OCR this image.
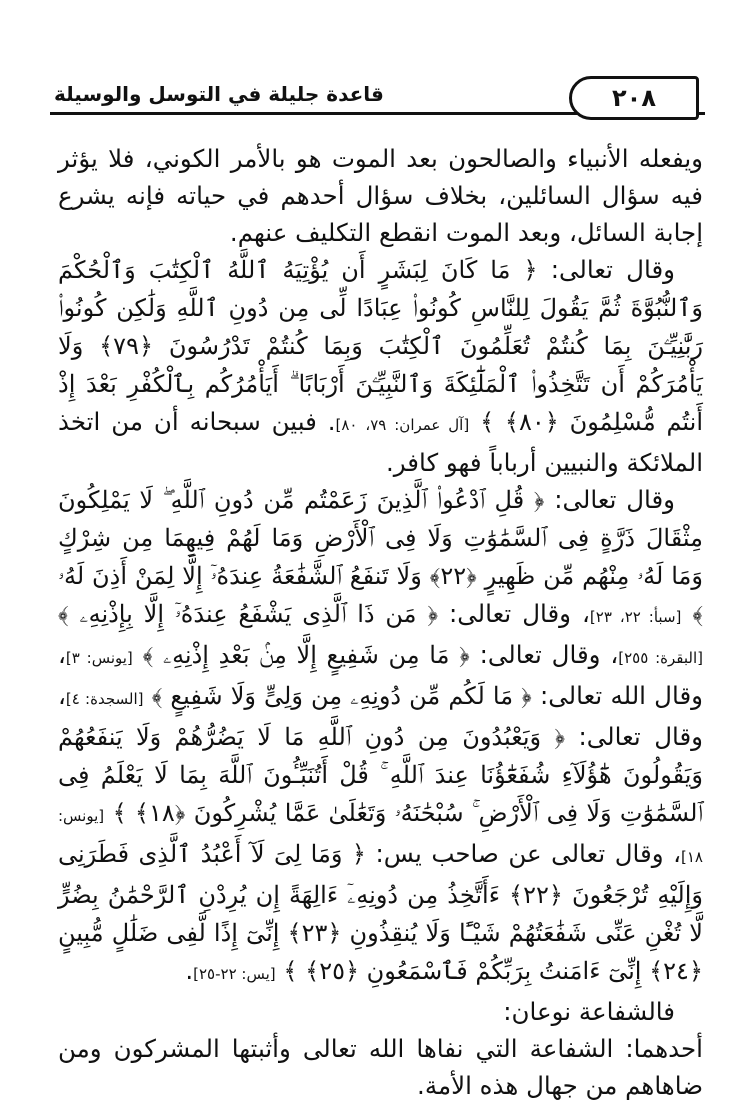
قاعدة جليلة في التوسل والوسيلة	٢٠٨

ويفعله الأنبياء والصالحون بعد الموت هو بالأمر الكوني، فلا يؤثر فيه سؤال السائلين، بخلاف سؤال أحدهم في حياته فإنه يشرع إجابة السائل، وبعد الموت انقطع التكليف عنهم.

وقال تعالى: ﴿ مَا كَانَ لِبَشَرٍ أَن يُؤْتِيَهُ ٱللَّهُ ٱلْكِتَٰبَ وَٱلْحُكْمَ وَٱلنُّبُوَّةَ ثُمَّ يَقُولَ لِلنَّاسِ كُونُوا۟ عِبَادًا لِّى مِن دُونِ ٱللَّهِ وَلَٰكِن كُونُوا۟ رَبَّٰنِيِّـۧنَ بِمَا كُنتُمْ تُعَلِّمُونَ ٱلْكِتَٰبَ وَبِمَا كُنتُمْ تَدْرُسُونَ ﴿٧٩﴾ وَلَا يَأْمُرَكُمْ أَن تَتَّخِذُوا۟ ٱلْمَلَٰٓئِكَةَ وَٱلنَّبِيِّـۧنَ أَرْبَابًا ۗ أَيَأْمُرُكُم بِٱلْكُفْرِ بَعْدَ إِذْ أَنتُم مُّسْلِمُونَ ﴿٨٠﴾ ﴾ [آل عمران: ٧٩، ٨٠]. فبين سبحانه أن من اتخذ الملائكة والنبيين أرباباً فهو كافر.

وقال تعالى: ﴿ قُلِ ٱدْعُوا۟ ٱلَّذِينَ زَعَمْتُم مِّن دُونِ ٱللَّهِ ۖ لَا يَمْلِكُونَ مِثْقَالَ ذَرَّةٍ فِى ٱلسَّمَٰوَٰتِ وَلَا فِى ٱلْأَرْضِ وَمَا لَهُمْ فِيهِمَا مِن شِرْكٍ وَمَا لَهُۥ مِنْهُم مِّن ظَهِيرٍ ﴿٢٢﴾ وَلَا تَنفَعُ ٱلشَّفَٰعَةُ عِندَهُۥٓ إِلَّا لِمَنْ أَذِنَ لَهُۥ ﴾ [سبأ: ٢٢، ٢٣]، وقال تعالى: ﴿ مَن ذَا ٱلَّذِى يَشْفَعُ عِندَهُۥٓ إِلَّا بِإِذْنِهِۦ ﴾ [البقرة: ٢٥٥]، وقال تعالى: ﴿ مَا مِن شَفِيعٍ إِلَّا مِنۢ بَعْدِ إِذْنِهِۦ ﴾ [يونس: ٣]، وقال الله تعالى: ﴿ مَا لَكُم مِّن دُونِهِۦ مِن وَلِىٍّ وَلَا شَفِيعٍ ﴾ [السجدة: ٤]، وقال تعالى: ﴿ وَيَعْبُدُونَ مِن دُونِ ٱللَّهِ مَا لَا يَضُرُّهُمْ وَلَا يَنفَعُهُمْ وَيَقُولُونَ هَٰٓؤُلَآءِ شُفَعَٰٓؤُنَا عِندَ ٱللَّهِ ۚ قُلْ أَتُنَبِّـُٔونَ ٱللَّهَ بِمَا لَا يَعْلَمُ فِى ٱلسَّمَٰوَٰتِ وَلَا فِى ٱلْأَرْضِ ۚ سُبْحَٰنَهُۥ وَتَعَٰلَىٰ عَمَّا يُشْرِكُونَ ﴿١٨﴾ ﴾ [يونس: ١٨]، وقال تعالى عن صاحب يس: ﴿ وَمَا لِىَ لَآ أَعْبُدُ ٱلَّذِى فَطَرَنِى وَإِلَيْهِ تُرْجَعُونَ ﴿٢٢﴾ ءَأَتَّخِذُ مِن دُونِهِۦٓ ءَالِهَةً إِن يُرِدْنِ ٱلرَّحْمَٰنُ بِضُرٍّ لَّا تُغْنِ عَنِّى شَفَٰعَتُهُمْ شَيْـًٔا وَلَا يُنقِذُونِ ﴿٢٣﴾ إِنِّىٓ إِذًا لَّفِى ضَلَٰلٍ مُّبِينٍ ﴿٢٤﴾ إِنِّىٓ ءَامَنتُ بِرَبِّكُمْ فَٱسْمَعُونِ ﴿٢٥﴾ ﴾ [يس: ٢٢-٢٥].

فالشفاعة نوعان:

أحدهما: الشفاعة التي نفاها الله تعالى وأثبتها المشركون ومن ضاهاهم من جهال هذه الأمة.
